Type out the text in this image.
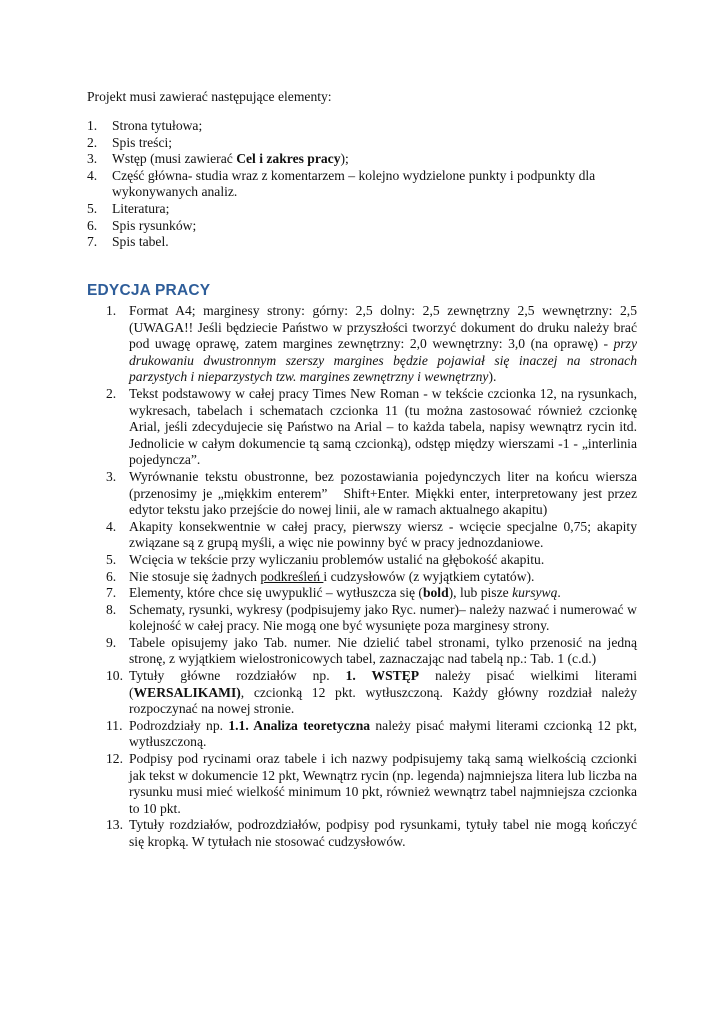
Projekt musi zawierać następujące elementy:

1. Strona tytułowa;
2. Spis treści;
3. Wstęp (musi zawierać Cel i zakres pracy);
4. Część główna- studia wraz z komentarzem – kolejno wydzielone punkty i podpunkty dla wykonywanych analiz.
5. Literatura;
6. Spis rysunków;
7. Spis tabel.
EDYCJA PRACY
1. Format A4; marginesy strony: górny: 2,5 dolny: 2,5 zewnętrzny 2,5 wewnętrzny: 2,5 (UWAGA!! Jeśli będziecie Państwo w przyszłości tworzyć dokument do druku należy brać pod uwagę oprawę, zatem margines zewnętrzny: 2,0 wewnętrzny: 3,0 (na oprawę) - przy drukowaniu dwustronnym szerszy margines będzie pojawiał się inaczej na stronach parzystych i nieparzystych tzw. margines zewnętrzny i wewnętrzny).
2. Tekst podstawowy w całej pracy Times New Roman - w tekście czcionka 12, na rysunkach, wykresach, tabelach i schematach czcionka 11 (tu można zastosować również czcionkę Arial, jeśli zdecydujecie się Państwo na Arial – to każda tabela, napisy wewnątrz rycin itd. Jednolicie w całym dokumencie tą samą czcionką), odstęp między wierszami -1 - „interlinia pojedyncza”.
3. Wyrównanie tekstu obustronne, bez pozostawiania pojedynczych liter na końcu wiersza (przenosimy je „miękkim enterem” Shift+Enter. Miękki enter, interpretowany jest przez edytor tekstu jako przejście do nowej linii, ale w ramach aktualnego akapitu)
4. Akapity konsekwentnie w całej pracy, pierwszy wiersz - wcięcie specjalne 0,75; akapity związane są z grupą myśli, a więc nie powinny być w pracy jednozdaniowe.
5. Wcięcia w tekście przy wyliczaniu problemów ustalić na głębokość akapitu.
6. Nie stosuje się żadnych podkreśleń i cudzysłowów (z wyjątkiem cytatów).
7. Elementy, które chce się uwypuklić – wytłuszcza się (bold), lub pisze kursywą.
8. Schematy, rysunki, wykresy (podpisujemy jako Ryc. numer)– należy nazwać i numerować w kolejność w całej pracy. Nie mogą one być wysunięte poza marginesy strony.
9. Tabele opisujemy jako Tab. numer. Nie dzielić tabel stronami, tylko przenosić na jedną stronę, z wyjątkiem wielostronicowych tabel, zaznaczając nad tabelą np.: Tab. 1 (c.d.)
10. Tytuły główne rozdziałów np. 1. WSTĘP należy pisać wielkimi literami (WERSALIKAMI), czcionką 12 pkt. wytłuszczoną. Każdy główny rozdział należy rozpoczynać na nowej stronie.
11. Podrozdziały np. 1.1. Analiza teoretyczna należy pisać małymi literami czcionką 12 pkt, wytłuszczoną.
12. Podpisy pod rycinami oraz tabele i ich nazwy podpisujemy taką samą wielkością czcionki jak tekst w dokumencie 12 pkt, Wewnątrz rycin (np. legenda) najmniejsza litera lub liczba na rysunku musi mieć wielkość minimum 10 pkt, również wewnątrz tabel najmniejsza czcionka to 10 pkt.
13. Tytuły rozdziałów, podrozdziałów, podpisy pod rysunkami, tytuły tabel nie mogą kończyć się kropką. W tytułach nie stosować cudzysłowów.
